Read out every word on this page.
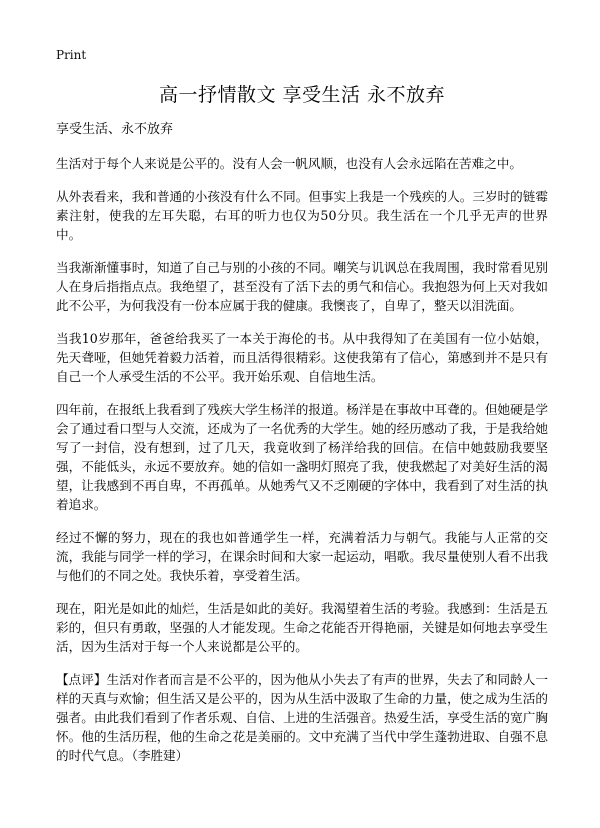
Print
高一抒情散文 享受生活 永不放弃
享受生活、永不放弃
生活对于每个人来说是公平的。没有人会一帆风顺，也没有人会永远陷在苦难之中。
从外表看来，我和普通的小孩没有什么不同。但事实上我是一个残疾的人。三岁时的链霉素注射，使我的左耳失聪，右耳的听力也仅为50分贝。我生活在一个几乎无声的世界中。
当我渐渐懂事时，知道了自己与别的小孩的不同。嘲笑与讥讽总在我周围，我时常看见别人在身后指指点点。我绝望了，甚至没有了活下去的勇气和信心。我抱怨为何上天对我如此不公平，为何我没有一份本应属于我的健康。我懊丧了，自卑了，整天以泪洗面。
当我10岁那年，爸爸给我买了一本关于海伦的书。从中我得知了在美国有一位小姑娘，先天聋哑，但她凭着毅力活着，而且活得很精彩。这使我第有了信心，第感到并不是只有自己一个人承受生活的不公平。我开始乐观、自信地生活。
四年前，在报纸上我看到了残疾大学生杨洋的报道。杨洋是在事故中耳聋的。但她硬是学会了通过看口型与人交流，还成为了一名优秀的大学生。她的经历感动了我，于是我给她写了一封信，没有想到，过了几天，我竟收到了杨洋给我的回信。在信中她鼓励我要坚强，不能低头，永远不要放弃。她的信如一盏明灯照亮了我，使我燃起了对美好生活的渴望，让我感到不再自卑，不再孤单。从她秀气又不乏刚硬的字体中，我看到了对生活的执着追求。
经过不懈的努力，现在的我也如普通学生一样，充满着活力与朝气。我能与人正常的交流，我能与同学一样的学习，在课余时间和大家一起运动，唱歌。我尽量使别人看不出我与他们的不同之处。我快乐着，享受着生活。
现在，阳光是如此的灿烂，生活是如此的美好。我渴望着生活的考验。我感到：生活是五彩的，但只有勇敢，坚强的人才能发现。生命之花能否开得艳丽，关键是如何地去享受生活，因为生活对于每一个人来说都是公平的。
【点评】生活对作者而言是不公平的，因为他从小失去了有声的世界，失去了和同龄人一样的天真与欢愉；但生活又是公平的，因为从生活中汲取了生命的力量，使之成为生活的强者。由此我们看到了作者乐观、自信、上进的生活强音。热爱生活，享受生活的宽广胸怀。他的生活历程，他的生命之花是美丽的。文中充满了当代中学生蓬勃进取、自强不息的时代气息。（李胜建）
